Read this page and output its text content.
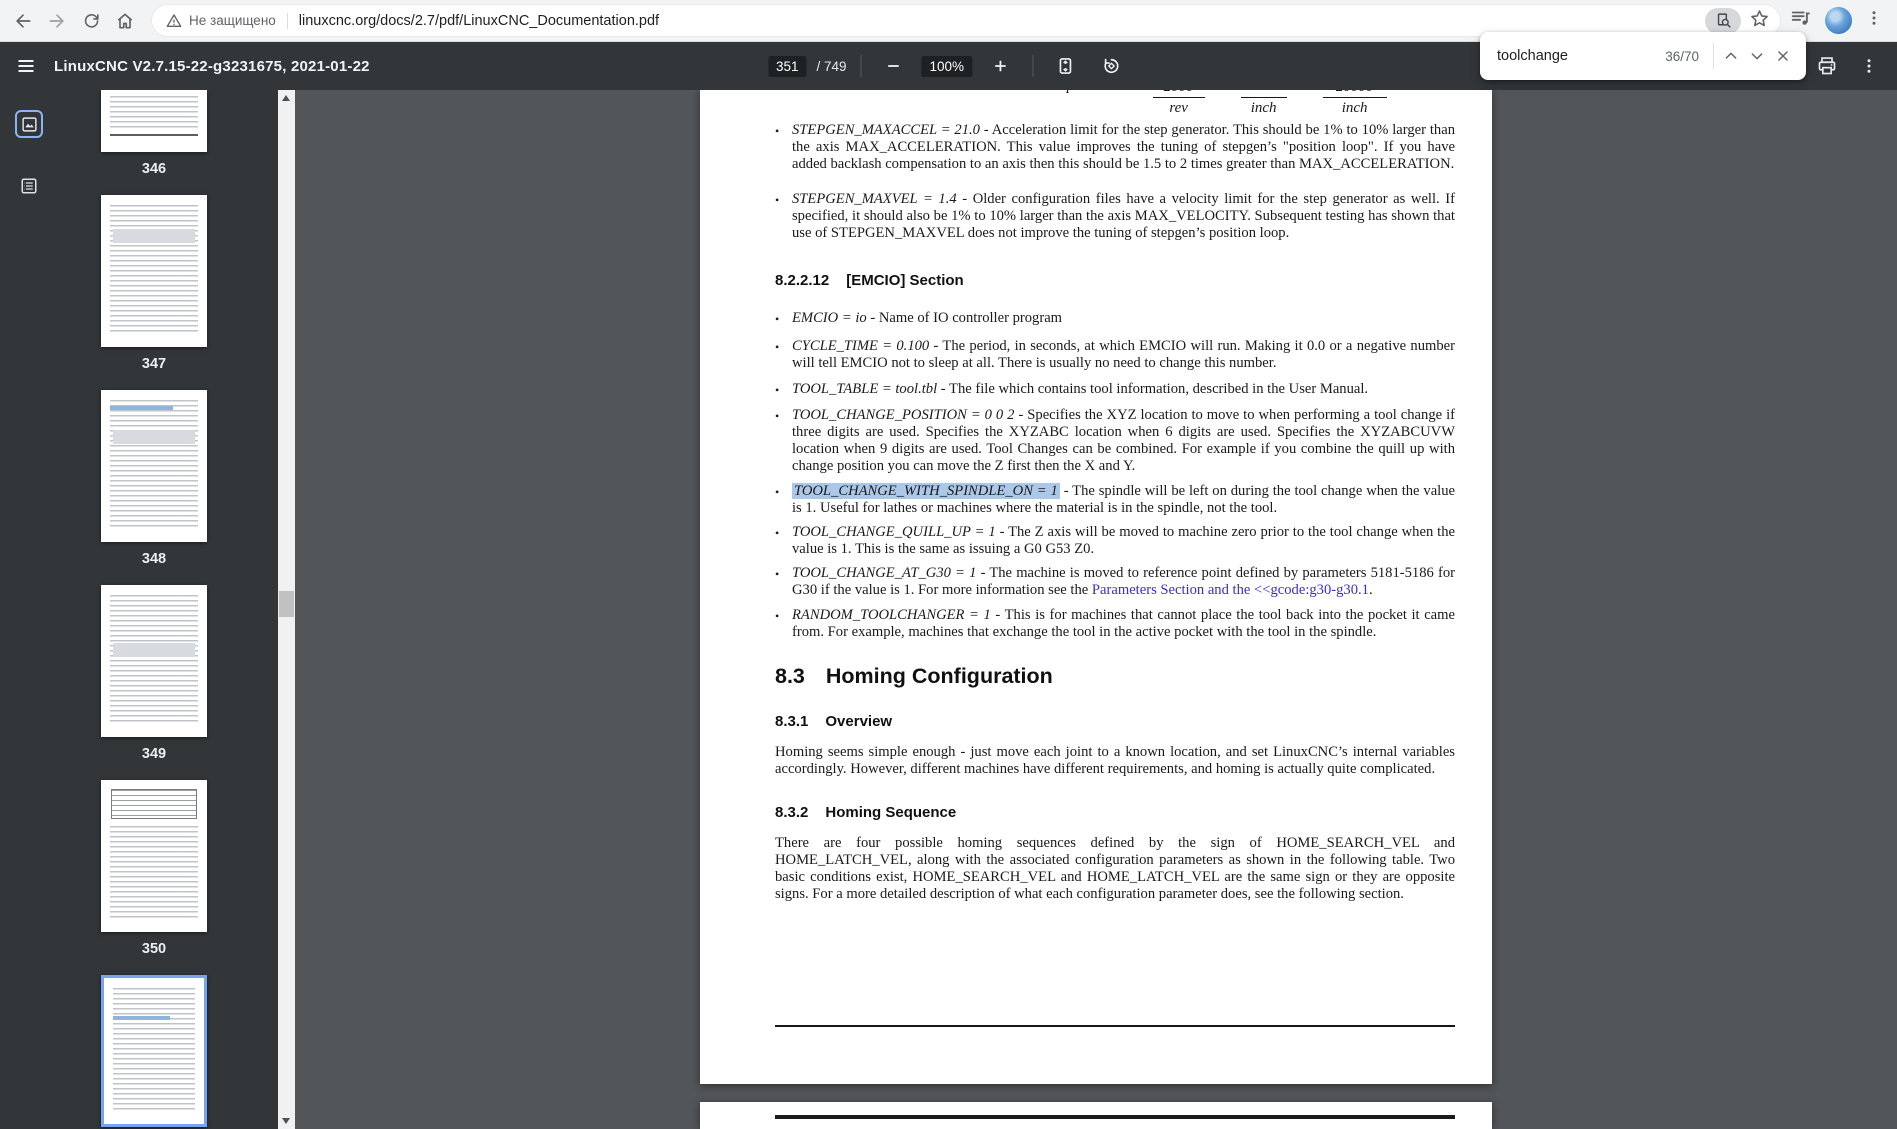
Не защищено linuxcnc.org/docs/2.7/pdf/LinuxCNC_Documentation.pdf
LinuxCNC V2.7.15-22-g3231675, 2021-01-22	351	/ 749	100%
toolchange	36/70
346
347
348
349
350
rev	inch	inch
• STEPGEN_MAXACCEL = 21.0 - Acceleration limit for the step generator. This should be 1% to 10% larger than the axis MAX_ACCELERATION. This value improves the tuning of stepgen’s "position loop". If you have added backlash compensation to an axis then this should be 1.5 to 2 times greater than MAX_ACCELERATION.

• STEPGEN_MAXVEL = 1.4 - Older configuration files have a velocity limit for the step generator as well. If specified, it should also be 1% to 10% larger than the axis MAX_VELOCITY. Subsequent testing has shown that use of STEPGEN_MAXVEL does not improve the tuning of stepgen’s position loop.

8.2.2.12 [EMCIO] Section
• EMCIO = io - Name of IO controller program

• CYCLE_TIME = 0.100 - The period, in seconds, at which EMCIO will run. Making it 0.0 or a negative number will tell EMCIO not to sleep at all. There is usually no need to change this number.

• TOOL_TABLE = tool.tbl - The file which contains tool information, described in the User Manual.

• TOOL_CHANGE_POSITION = 0 0 2 - Specifies the XYZ location to move to when performing a tool change if three digits are used. Specifies the XYZABC location when 6 digits are used. Specifies the XYZABCUVW location when 9 digits are used. Tool Changes can be combined. For example if you combine the quill up with change position you can move the Z first then the X and Y.

•	TOOL_CHANGE_WITH_SPINDLE_ON = 1 - The spindle will be left on during the tool change when the value is 1. Useful for lathes or machines where the material is in the spindle, not the tool.

• TOOL_CHANGE_QUILL_UP = 1 - The Z axis will be moved to machine zero prior to the tool change when the value is 1. This is the same as issuing a G0 G53 Z0.

• TOOL_CHANGE_AT_G30 = 1 - The machine is moved to reference point defined by parameters 5181-5186 for G30 if the value is 1. For more information see the Parameters Section and the <<gcode:g30-g30.1.

• RANDOM_TOOLCHANGER = 1 - This is for machines that cannot place the tool back into the pocket it came from. For example, machines that exchange the tool in the active pocket with the tool in the spindle.

8.3 Homing Configuration
8.3.1 Overview

Homing seems simple enough - just move each joint to a known location, and set LinuxCNC’s internal variables accordingly. However, different machines have different requirements, and homing is actually quite complicated.

8.3.2 Homing Sequence

There are four possible homing sequences defined by the sign of HOME_SEARCH_VEL and HOME_LATCH_VEL, along with the associated configuration parameters as shown in the following table. Two basic conditions exist, HOME_SEARCH_VEL and HOME_LATCH_VEL are the same sign or they are opposite signs. For a more detailed description of what each configuration parameter does, see the following section.
